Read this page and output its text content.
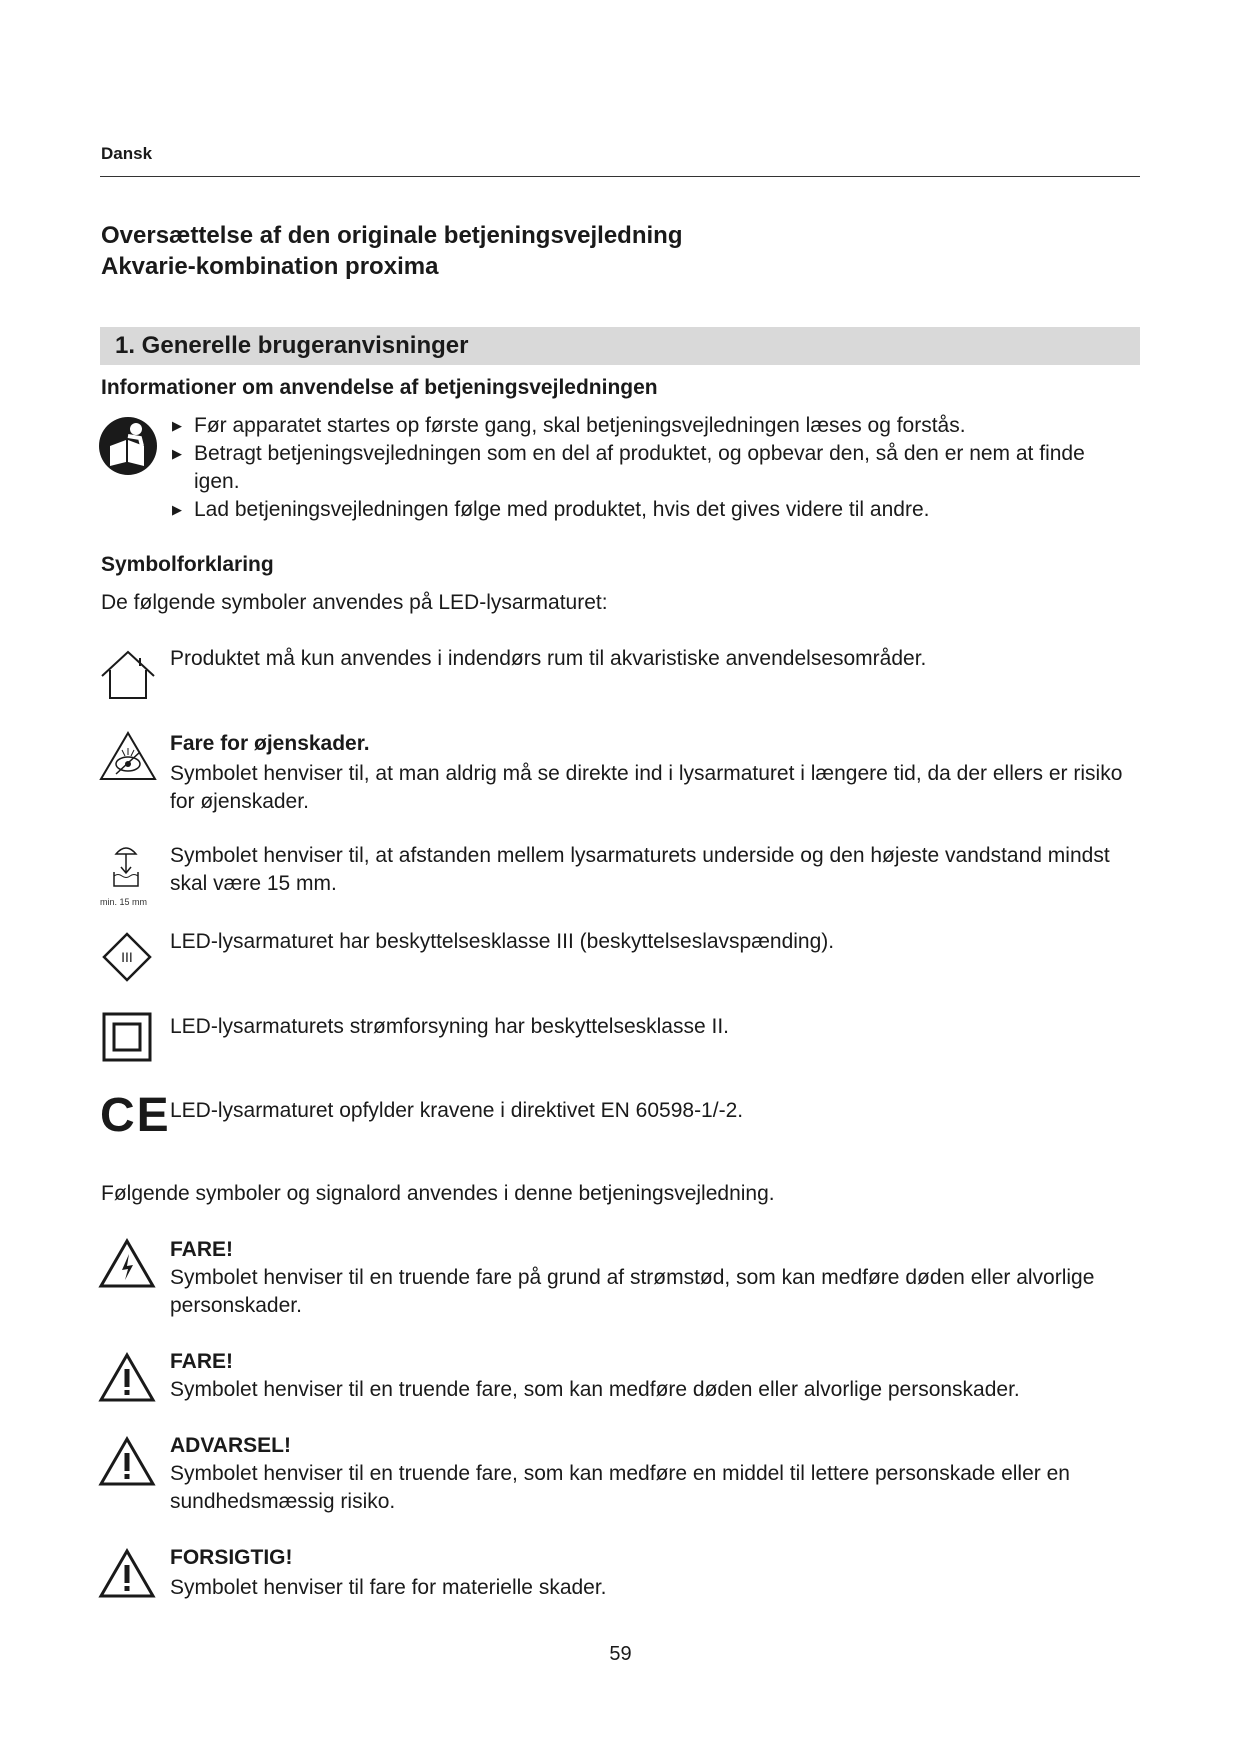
Dansk
Oversættelse af den originale betjeningsvejledning
Akvarie-kombination proxima
1. Generelle brugeranvisninger
Informationer om anvendelse af betjeningsvejledningen
▶ Før apparatet startes op første gang, skal betjeningsvejledningen læses og forstås.
▶ Betragt betjeningsvejledningen som en del af produktet, og opbevar den, så den er nem at finde
igen.
▶ Lad betjeningsvejledningen følge med produktet, hvis det gives videre til andre.
Symbolforklaring
De følgende symboler anvendes på LED-lysarmaturet:
Produktet må kun anvendes i indendørs rum til akvaristiske anvendelsesområder.
Fare for øjenskader.
Symbolet henviser til, at man aldrig må se direkte ind i lysarmaturet i længere tid, da der ellers er risiko
for øjenskader.
min. 15 mm
Symbolet henviser til, at afstanden mellem lysarmaturets underside og den højeste vandstand mindst
skal være 15 mm.
III
LED-lysarmaturet har beskyttelsesklasse III (beskyttelseslavspænding).
LED-lysarmaturets strømforsyning har beskyttelsesklasse II.
CE LED-lysarmaturet opfylder kravene i direktivet EN 60598-1/-2.
Følgende symboler og signalord anvendes i denne betjeningsvejledning.
FARE!
Symbolet henviser til en truende fare på grund af strømstød, som kan medføre døden eller alvorlige
personskader.
FARE!
Symbolet henviser til en truende fare, som kan medføre døden eller alvorlige personskader.
ADVARSEL!
Symbolet henviser til en truende fare, som kan medføre en middel til lettere personskade eller en
sundhedsmæssig risiko.
FORSIGTIG!
Symbolet henviser til fare for materielle skader.
59
